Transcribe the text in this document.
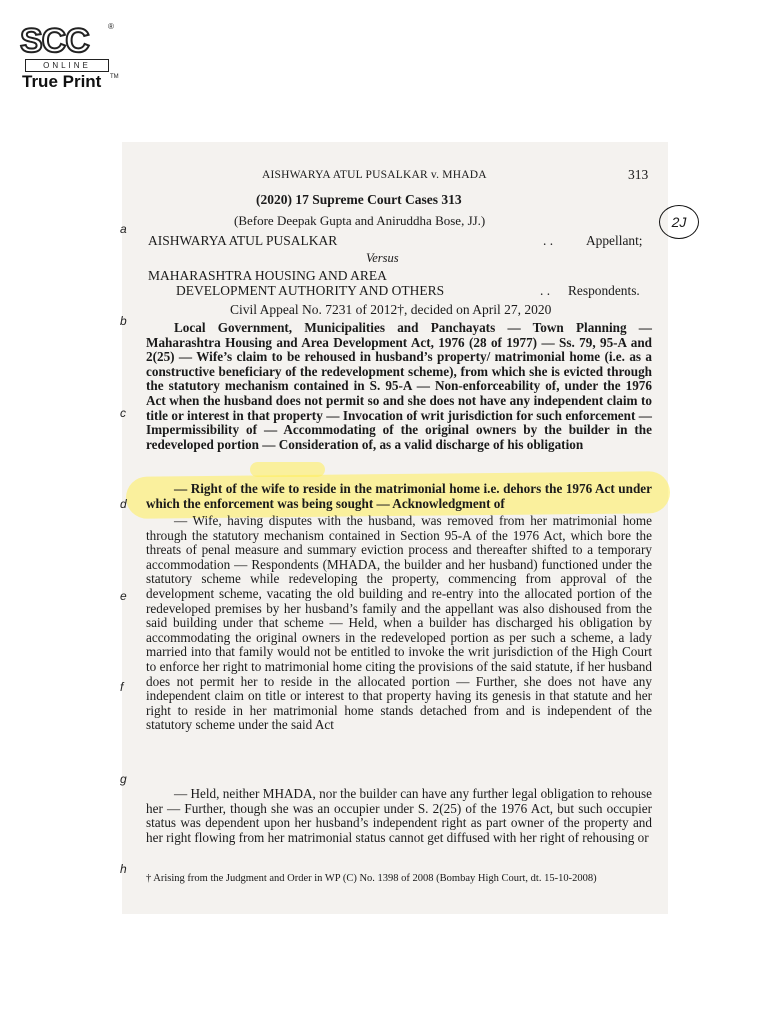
SCC ®
ONLINE
True Print TM
AISHWARYA ATUL PUSALKAR v. MHADA	313
(2020) 17 Supreme Court Cases 313
(Before Deepak Gupta and Aniruddha Bose, JJ.)	2J
AISHWARYA ATUL PUSALKAR	. . Appellant;
Versus
MAHARASHTRA HOUSING AND AREA
DEVELOPMENT AUTHORITY AND OTHERS	. . Respondents.
Civil Appeal No. 7231 of 2012†, decided on April 27, 2020
a
b
c
d
e
f
g
h
Local Government, Municipalities and Panchayats — Town Planning — Maharashtra Housing and Area Development Act, 1976 (28 of 1977) — Ss. 79, 95-A and 2(25) — Wife’s claim to be rehoused in husband’s property/ matrimonial home (i.e. as a constructive beneficiary of the redevelopment scheme), from which she is evicted through the statutory mechanism contained in S. 95-A — Non-enforceability of, under the 1976 Act when the husband does not permit so and she does not have any independent claim to title or interest in that property — Invocation of writ jurisdiction for such enforcement — Impermissibility of — Accommodating of the original owners by the builder in the redeveloped portion — Consideration of, as a valid discharge of his obligation
— Right of the wife to reside in the matrimonial home i.e. dehors the 1976 Act under which the enforcement was being sought — Acknowledgment of
— Wife, having disputes with the husband, was removed from her matrimonial home through the statutory mechanism contained in Section 95-A of the 1976 Act, which bore the threats of penal measure and summary eviction process and thereafter shifted to a temporary accommodation — Respondents (MHADA, the builder and her husband) functioned under the statutory scheme while redeveloping the property, commencing from approval of the development scheme, vacating the old building and re-entry into the allocated portion of the redeveloped premises by her husband’s family and the appellant was also dishoused from the said building under that scheme — Held, when a builder has discharged his obligation by accommodating the original owners in the redeveloped portion as per such a scheme, a lady married into that family would not be entitled to invoke the writ jurisdiction of the High Court to enforce her right to matrimonial home citing the provisions of the said statute, if her husband does not permit her to reside in the allocated portion — Further, she does not have any independent claim on title or interest to that property having its genesis in that statute and her right to reside in her matrimonial home stands detached from and is independent of the statutory scheme under the said Act
— Held, neither MHADA, nor the builder can have any further legal obligation to rehouse her — Further, though she was an occupier under S. 2(25) of the 1976 Act, but such occupier status was dependent upon her husband’s independent right as part owner of the property and her right flowing from her matrimonial status cannot get diffused with her right of rehousing or
† Arising from the Judgment and Order in WP (C) No. 1398 of 2008 (Bombay High Court, dt. 15-10-2008)
